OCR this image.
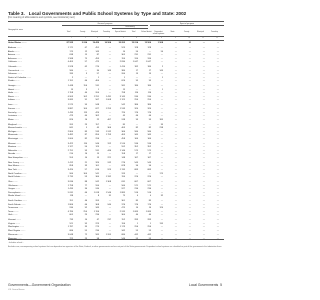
Table 3. Local Governments and Public School Systems by Type and State: 2002
[For meaning of abbreviations and symbols, see introductory text]
General purpose	Special purpose
Subcounty
Geographic area
Total	County	Municipal	Township	Special district	Total	School district	Dependent school systems
State	County	Municipal	Township
1	2	3	4	5	6	7	8	9	10	11	12
United States ........	87 525	3 034	19 429	16 504	35 052	15 014	13 506	1 508	—	31	—	—
Alabama ........	1 171	67	451	—	529	128	128	—	—	—	—	—
Alaska ........	175	12	149	—	14	54	—	54	—	—	—	—
Arizona ........	638	15	87	—	305	231	231	—	—	—	—	—
Arkansas ........	1 588	75	499	—	704	310	310	—	—	—	—	—
California ........	4 409	57	475	—	2 830	1 047	1 047	—	—	—	—	—
Colorado ........	1 928	62	270	—	1 414	182	180	2	—	—	—	—
Connecticut ........	580	—	30	149	384	17	17	149	—	—	—	—
Delaware ........	339	3	57	—	260	19	19	—	—	—	—	—
District of Columbia ........	2	—	1	—	1	—	—	1	—	—	—	—
Florida ........	1 191	66	404	—	626	95	95	—	—	—	—	—
Georgia ........	1 448	156	531	—	581	180	180	—	—	—	—	—
Hawaii ........	19	3	1	—	15	—	—	1	—	—	—	—
Idaho ........	1 158	44	200	—	798	116	116	—	—	—	—	—
Illinois ........	6 903	102	1 291	1 431	3 145	934	934	—	—	—	—	—
Indiana ........	3 085	91	567	1 008	1 125	294	294	—	—	—	—	—
Iowa ........	1 975	99	948	—	542	386	386	—	—	—	—	—
Kansas ........	3 887	104	627	1 299	1 533	324	324	—	—	—	—	—
Kentucky ........	1 439	119	424	—	720	176	176	—	—	—	—	—
Louisiana ........	473	60	302	—	45	66	66	—	—	—	—	—
Maine ........	826	16	22	467	248	99	99	185	—	—	—	—
Maryland ........	265	23	157	—	85	—	—	39	—	—	—	—
Massachusetts ........	841	5	45	306	403	82	82	238	—	—	—	—
Michigan ........	2 804	83	533	1 242	366	580	580	—	—	—	—	—
Minnesota ........	3 482	87	854	1 793	403	345	345	—	—	—	—	—
Mississippi ........	1 000	82	296	—	458	164	164	—	—	—	—	—
Missouri ........	3 422	114	946	312	1 514	536	536	—	—	—	—	—
Montana ........	1 127	54	129	—	592	352	352	—	—	—	—	—
Nebraska ........	2 791	93	531	446	1 146	575	575	—	—	—	—	—
Nevada ........	210	16	19	—	158	17	17	—	—	—	—	—
New Hampshire ........	559	10	13	221	148	167	167	—	—	—	—	—
New Jersey ........	1 412	21	324	242	276	549	549	—	—	—	—	—
New Mexico ........	858	33	101	—	628	96	96	—	—	—	—	—
New York ........	3 420	57	616	929	1 135	683	683	—	—	—	—	—
North Carolina ........	960	100	541	—	319	—	—	175	—	—	—	—
North Dakota ........	2 735	53	360	1 332	764	226	226	—	—	—	—	—
Ohio ........	3 636	88	942	1 308	631	667	667	—	—	—	—	—
Oklahoma ........	1 798	77	590	—	560	571	571	—	—	—	—	—
Oregon ........	1 439	36	240	—	927	236	236	—	—	—	—	—
Pennsylvania ........	5 031	66	1 018	1 546	1 885	516	516	—	—	—	—	—
Rhode Island ........	118	—	8	31	75	4	4	32	—	—	—	—
South Carolina ........	701	46	269	—	301	85	85	—	—	—	—	—
South Dakota ........	1 866	66	308	940	376	176	176	—	—	—	—	—
Tennessee ........	930	92	349	—	475	14	14	124	—	—	—	—
Texas ........	4 784	254	1 196	—	2 245	1 089	1 089	—	—	—	—	—
Utah ........	605	29	236	—	300	40	40	—	—	—	—	—
Vermont ........	733	14	47	237	152	283	283	—	—	—	—	—
Virginia ........	521	95	229	—	196	1	1	135	—	—	—	—
Washington ........	1 787	39	279	—	1 173	296	296	—	—	—	—	—
West Virginia ........	686	55	234	—	342	55	55	—	—	—	—	—
Wisconsin ........	3 048	72	585	1 265	684	442	442	—	—	—	—	—
Wyoming ........	722	23	98	—	546	55	55	—	—	—	—	—
¹ Includes school...
Excludes one, encompassing school systems that are dependent on agencies of the State, Federal, or other governments and are not part of the State governments. Dependent school systems are classified as part of the governments that administer them.
Governments—Government Organization	Local Governments 5
U.S. Census Bureau
